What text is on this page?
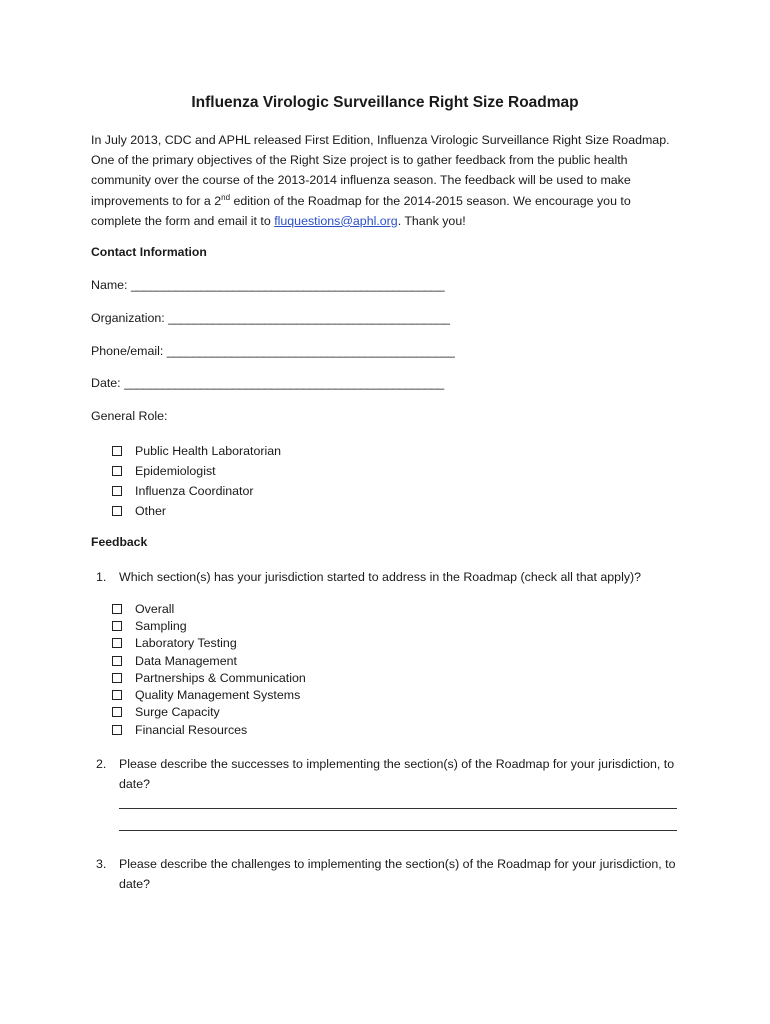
Influenza Virologic Surveillance Right Size Roadmap

In July 2013, CDC and APHL released First Edition, Influenza Virologic Surveillance Right Size Roadmap.

One of the primary objectives of the Right Size project is to gather feedback from the public health

community over the course of the 2013-2014 influenza season. The feedback will be used to make

improvements to for a 2nd edition of the Roadmap for the 2014-2015 season. We encourage you to

complete the form and email it to fluquestions@aphl.org. Thank you!

Contact Information
Name: _________________________________________________
Organization: ____________________________________________
Phone/email: _____________________________________________
Date: __________________________________________________
General Role:
Public Health Laboratorian
Epidemiologist
Influenza Coordinator
Other
Feedback
1. Which section(s) has your jurisdiction started to address in the Roadmap (check all that apply)?
Overall
Sampling
Laboratory Testing
Data Management
Partnerships & Communication
Quality Management Systems
Surge Capacity
Financial Resources
2. Please describe the successes to implementing the section(s) of the Roadmap for your jurisdiction, to date?
3. Please describe the challenges to implementing the section(s) of the Roadmap for your jurisdiction, to date?
